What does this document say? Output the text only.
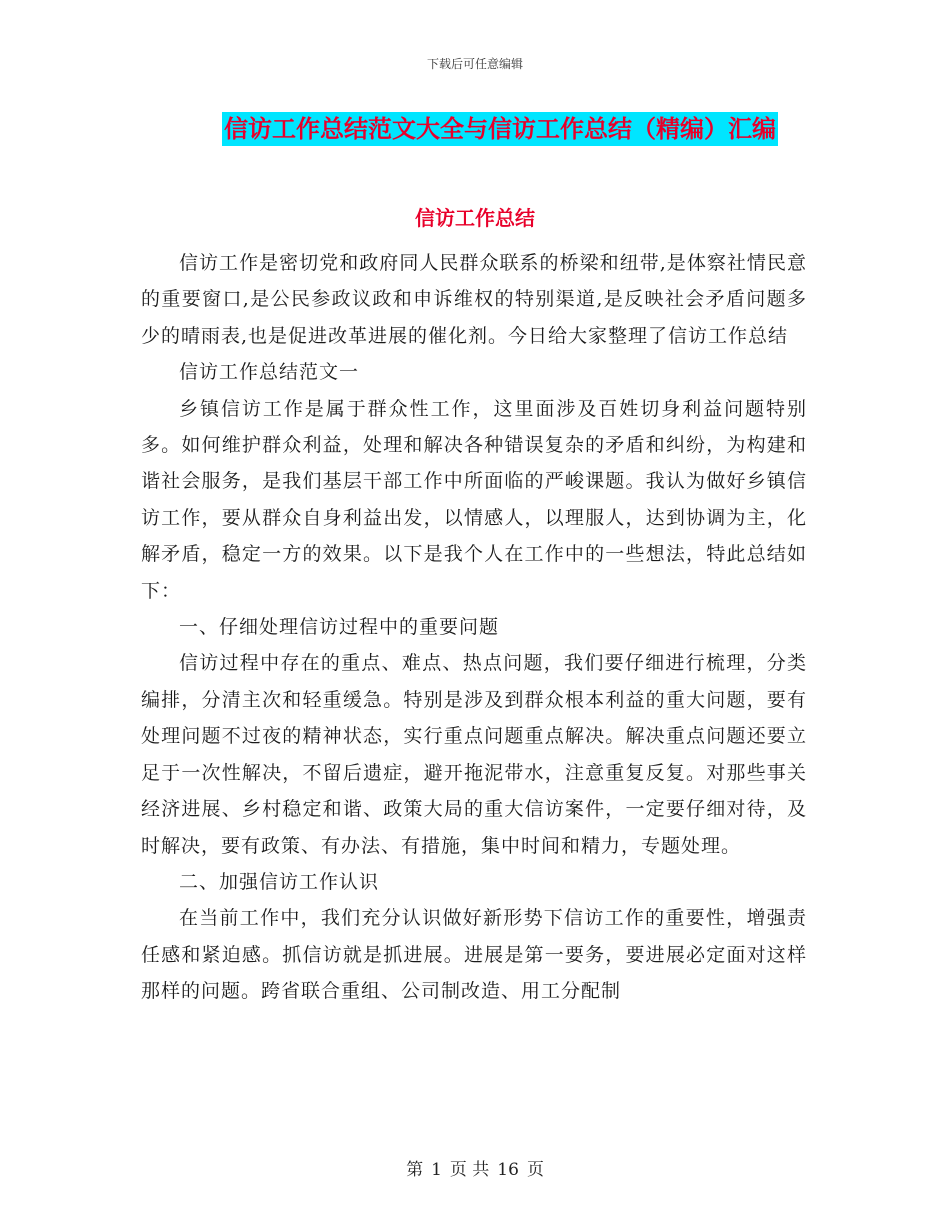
下载后可任意编辑
信访工作总结范文大全与信访工作总结（精编）汇编
信访工作总结

信访工作是密切党和政府同人民群众联系的桥梁和纽带,是体察社情民意的重要窗口,是公民参政议政和申诉维权的特别渠道,是反映社会矛盾问题多少的晴雨表,也是促进改革进展的催化剂。今日给大家整理了信访工作总结

信访工作总结范文一

乡镇信访工作是属于群众性工作，这里面涉及百姓切身利益问题特别多。如何维护群众利益，处理和解决各种错误复杂的矛盾和纠纷，为构建和谐社会服务，是我们基层干部工作中所面临的严峻课题。我认为做好乡镇信访工作，要从群众自身利益出发，以情感人，以理服人，达到协调为主，化解矛盾，稳定一方的效果。以下是我个人在工作中的一些想法，特此总结如下：

一、仔细处理信访过程中的重要问题

信访过程中存在的重点、难点、热点问题，我们要仔细进行梳理，分类编排，分清主次和轻重缓急。特别是涉及到群众根本利益的重大问题，要有处理问题不过夜的精神状态，实行重点问题重点解决。解决重点问题还要立足于一次性解决，不留后遗症，避开拖泥带水，注意重复反复。对那些事关经济进展、乡村稳定和谐、政策大局的重大信访案件，一定要仔细对待，及时解决，要有政策、有办法、有措施，集中时间和精力，专题处理。

二、加强信访工作认识

在当前工作中，我们充分认识做好新形势下信访工作的重要性，增强责任感和紧迫感。抓信访就是抓进展。进展是第一要务，要进展必定面对这样那样的问题。跨省联合重组、公司制改造、用工分配制

第 1 页 共 16 页
